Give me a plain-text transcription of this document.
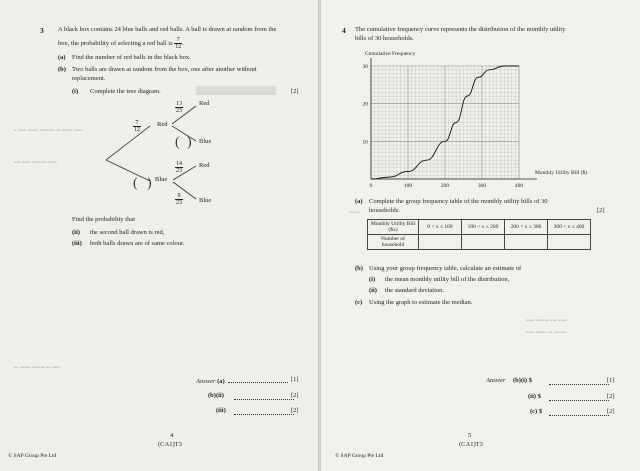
▪ ▪▪▪▪ ▪▪▪▪▪ ▪▪▪▪▪▪▪ ▪▪ ▪▪▪▪▪ ▪▪▪▪
▪▪▪ ▪▪▪▪ ▪▪▪▪▪▪▪ ▪▪▪▪
▪▪ ▪▪▪▪▪ ▪▪▪▪▪▪ ▪▪ ▪▪▪▪
3 A black box contains 24 blue balls and red balls. A ball is drawn at random from the
box, the probability of selecting a red ball is $\frac{7}{12}$ .
(a) Find the number of red balls in the black box.
(b) Two balls are drawn at random from the box, one after another without
replacement.
(i) Complete the tree diagram.	[2]
( )
( )
$\frac{7}{12}$ Red
Blue
$\frac{13}{23}$ Red
Blue
$\frac{14}{23}$ Red
$\frac{9}{23}$ Blue
Find the probability that
(ii) the second ball drawn is red,
(iii) both balls drawn are of same colour.
Answer (a)	[1]
(b)(ii)	[2]
(iii)	[2]
4
(CA1)T3
© SAP Group Pte Ltd
▪▪▪▪ ▪▪▪▪▪▪ ▪▪▪ ▪▪▪▪
▪▪▪▪ ▪▪▪▪▪ ▪▪ ▪▪▪▪▪▪
▪▪▪▪▪
4 The cumulative frequency curve represents the distribution of the monthly utility
bills of 30 households.
0	100	200	300	400
10
20
30
Cumulative Frequency
Monthly Utility Bill ($)
(a) Complete the group frequency table of the monthly utility bills of 30
households.	[2]
Monthly Utility Bill ($x)	0 < x ≤ 100	100 < x ≤ 200	200 < x ≤ 300	300 < x ≤ 400
Number of household				
(b) Using your group frequency table, calculate an estimate of
(i) the mean monthly utility bill of the distribution,
(ii) the standard deviation.
(c) Using the graph to estimate the median.
Answer (b)(i) $	[1]
(ii) $	[2]
(c) $	[2]
5
(CA1)T3
© SAP Group Pte Ltd
